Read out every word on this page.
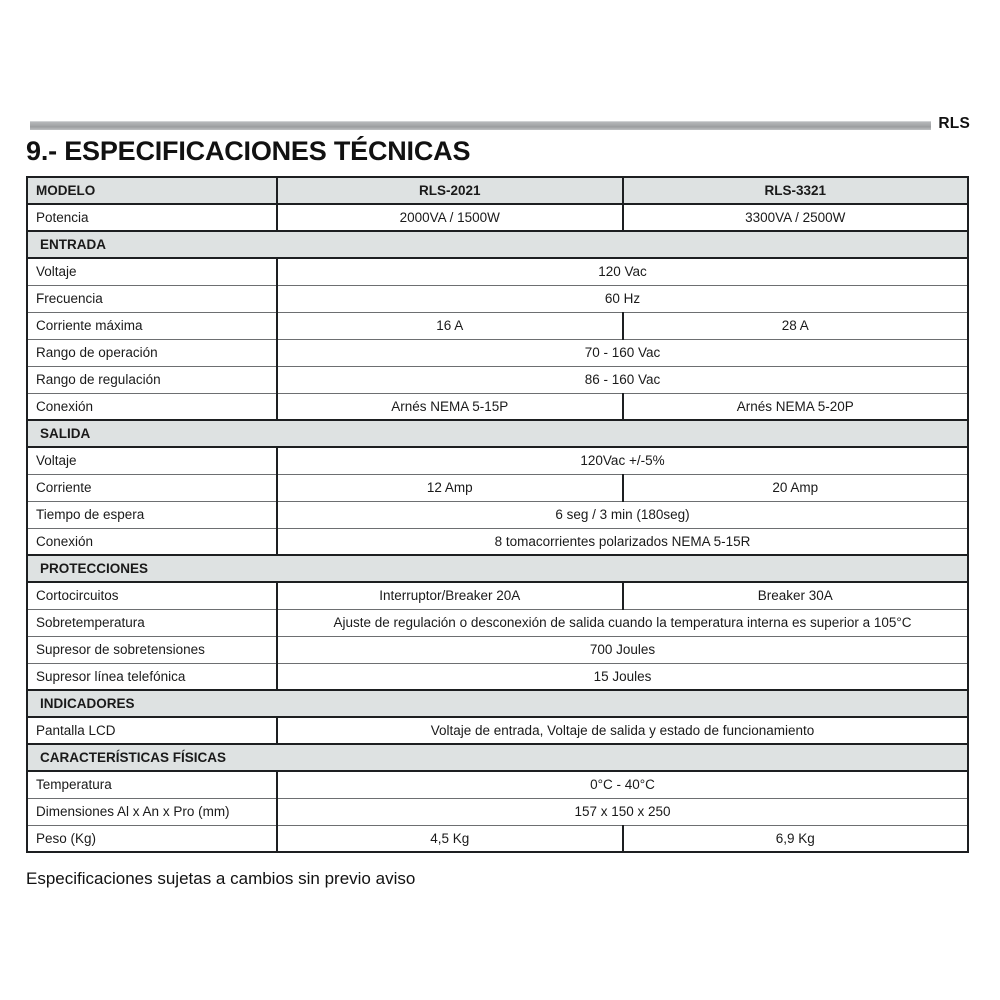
RLS
9.- ESPECIFICACIONES TÉCNICAS
MODELO	RLS-2021	RLS-3321
Potencia	2000VA / 1500W	3300VA / 2500W
ENTRADA		
Voltaje	120 Vac	
Frecuencia	60 Hz	
Corriente máxima	16 A	28 A
Rango de operación	70 - 160 Vac	
Rango de regulación	86 - 160 Vac	
Conexión	Arnés NEMA 5-15P	Arnés NEMA 5-20P
SALIDA		
Voltaje	120Vac +/-5%	
Corriente	12 Amp	20 Amp
Tiempo de espera	6 seg / 3 min (180seg)	
Conexión	8 tomacorrientes polarizados NEMA 5-15R	
PROTECCIONES		
Cortocircuitos	Interruptor/Breaker 20A	Breaker 30A
Sobretemperatura	Ajuste de regulación o desconexión de salida cuando la temperatura interna es superior a 105°C	
Supresor de sobretensiones	700 Joules	
Supresor línea telefónica	15 Joules	
INDICADORES		
Pantalla LCD	Voltaje de entrada, Voltaje de salida y estado de funcionamiento	
CARACTERÍSTICAS FÍSICAS		
Temperatura	0°C - 40°C	
Dimensiones Al x An x Pro (mm)	157 x 150 x 250	
Peso (Kg)	4,5 Kg	6,9 Kg
Especificaciones sujetas a cambios sin previo aviso
